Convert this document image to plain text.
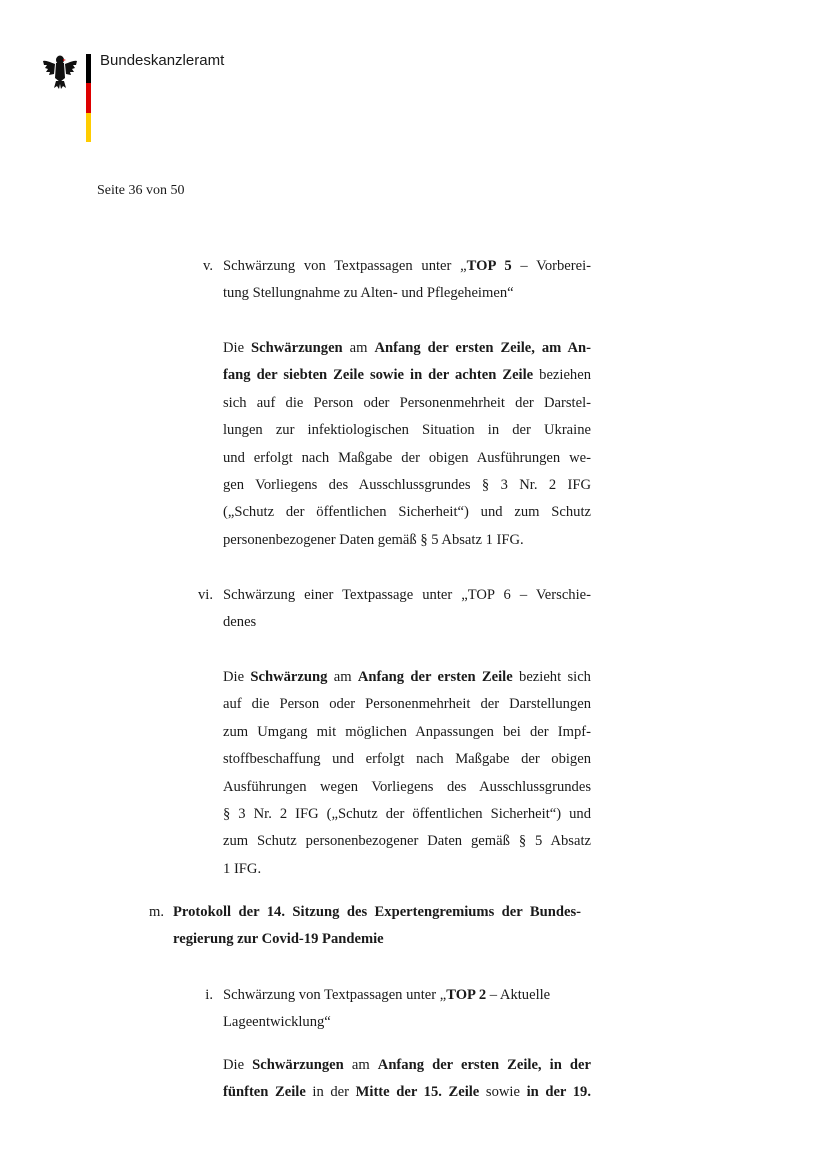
Bundeskanzleramt
Seite 36 von 50
v. Schwärzung von Textpassagen unter „TOP 5 – Vorberei-
tung Stellungnahme zu Alten- und Pflegeheimen“
Die Schwärzungen am Anfang der ersten Zeile, am An-
fang der siebten Zeile sowie in der achten Zeile beziehen
sich auf die Person oder Personenmehrheit der Darstel-
lungen zur infektiologischen Situation in der Ukraine
und erfolgt nach Maßgabe der obigen Ausführungen we-
gen Vorliegens des Ausschlussgrundes § 3 Nr. 2 IFG
(„Schutz der öffentlichen Sicherheit“) und zum Schutz
personenbezogener Daten gemäß § 5 Absatz 1 IFG.
vi. Schwärzung einer Textpassage unter „TOP 6 – Verschie-
denes
Die Schwärzung am Anfang der ersten Zeile bezieht sich
auf die Person oder Personenmehrheit der Darstellungen
zum Umgang mit möglichen Anpassungen bei der Impf-
stoffbeschaffung und erfolgt nach Maßgabe der obigen
Ausführungen wegen Vorliegens des Ausschlussgrundes
§ 3 Nr. 2 IFG („Schutz der öffentlichen Sicherheit“) und
zum Schutz personenbezogener Daten gemäß § 5 Absatz
1 IFG.
m. Protokoll der 14. Sitzung des Expertengremiums der Bundes-
regierung zur Covid-19 Pandemie
i. Schwärzung von Textpassagen unter „TOP 2 – Aktuelle
Lageentwicklung“
Die Schwärzungen am Anfang der ersten Zeile, in der
fünften Zeile in der Mitte der 15. Zeile sowie in der 19.
